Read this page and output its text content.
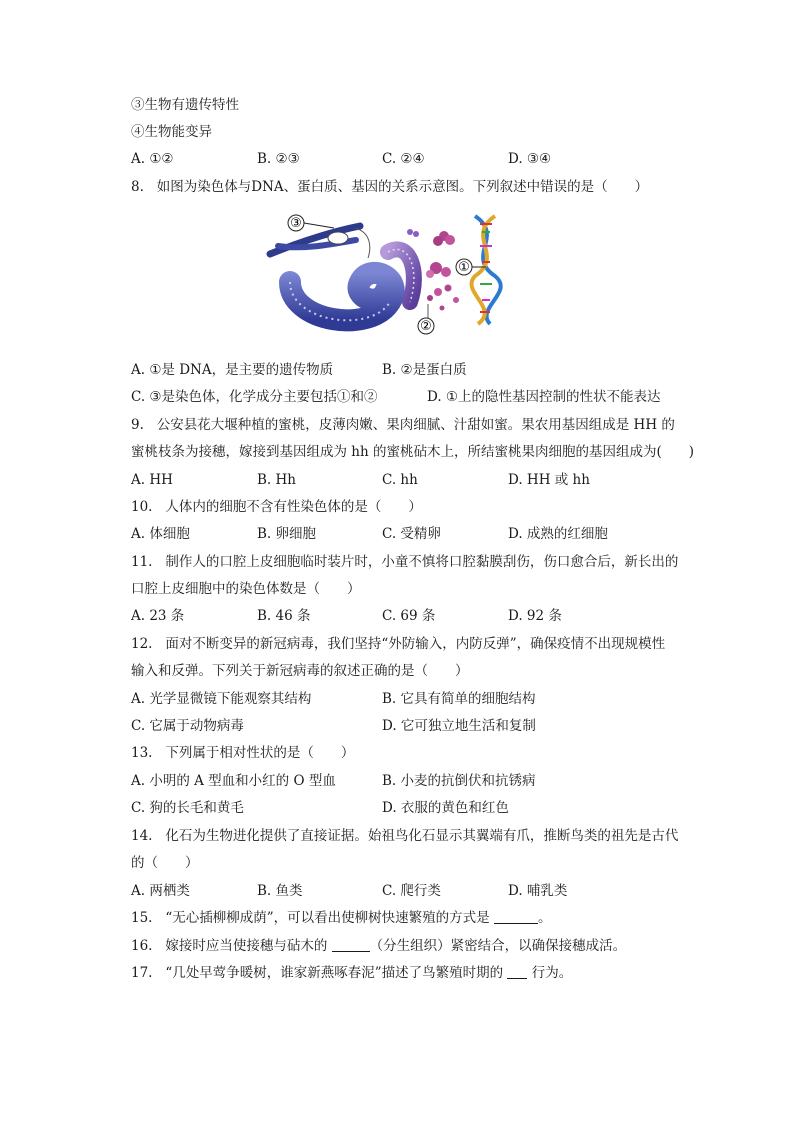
③生物有遗传特性
④生物能变异
A. ①②	B. ②③	C. ②④	D. ③④
8. 如图为染色体与DNA、蛋白质、基因的关系示意图。下列叙述中错误的是（　　）
③
①
②
A. ①是 DNA，是主要的遗传物质	B. ②是蛋白质
C. ③是染色体，化学成分主要包括①和②	D. ①上的隐性基因控制的性状不能表达
9. 公安县花大堰种植的蜜桃，皮薄肉嫩、果肉细腻、汁甜如蜜。果农用基因组成是 HH 的
蜜桃枝条为接穗，嫁接到基因组成为 hh 的蜜桃砧木上，所结蜜桃果肉细胞的基因组成为(　　)
A. HH	B. Hh	C. hh	D. HH 或 hh
10. 人体内的细胞不含有性染色体的是（　　）
A. 体细胞	B. 卵细胞	C. 受精卵	D. 成熟的红细胞
11. 制作人的口腔上皮细胞临时装片时，小童不慎将口腔黏膜刮伤，伤口愈合后，新长出的
口腔上皮细胞中的染色体数是（　　）
A. 23 条	B. 46 条	C. 69 条	D. 92 条
12. 面对不断变异的新冠病毒，我们坚持“外防输入，内防反弹”，确保疫情不出现规模性
输入和反弹。下列关于新冠病毒的叙述正确的是（　　）
A. 光学显微镜下能观察其结构	B. 它具有简单的细胞结构
C. 它属于动物病毒	D. 它可独立地生活和复制
13. 下列属于相对性状的是（　　）
A. 小明的 A 型血和小红的 O 型血	B. 小麦的抗倒伏和抗锈病
C. 狗的长毛和黄毛	D. 衣服的黄色和红色
14. 化石为生物进化提供了直接证据。始祖鸟化石显示其翼端有爪，推断鸟类的祖先是古代
的（　　）
A. 两栖类	B. 鱼类	C. 爬行类	D. 哺乳类
15. “无心插柳柳成荫”，可以看出使柳树快速繁殖的方式是	。
16. 嫁接时应当使接穗与砧木的	（分生组织）紧密结合，以确保接穗成活。
17. “几处早莺争暖树，谁家新燕啄春泥”描述了鸟繁殖时期的 行为。
